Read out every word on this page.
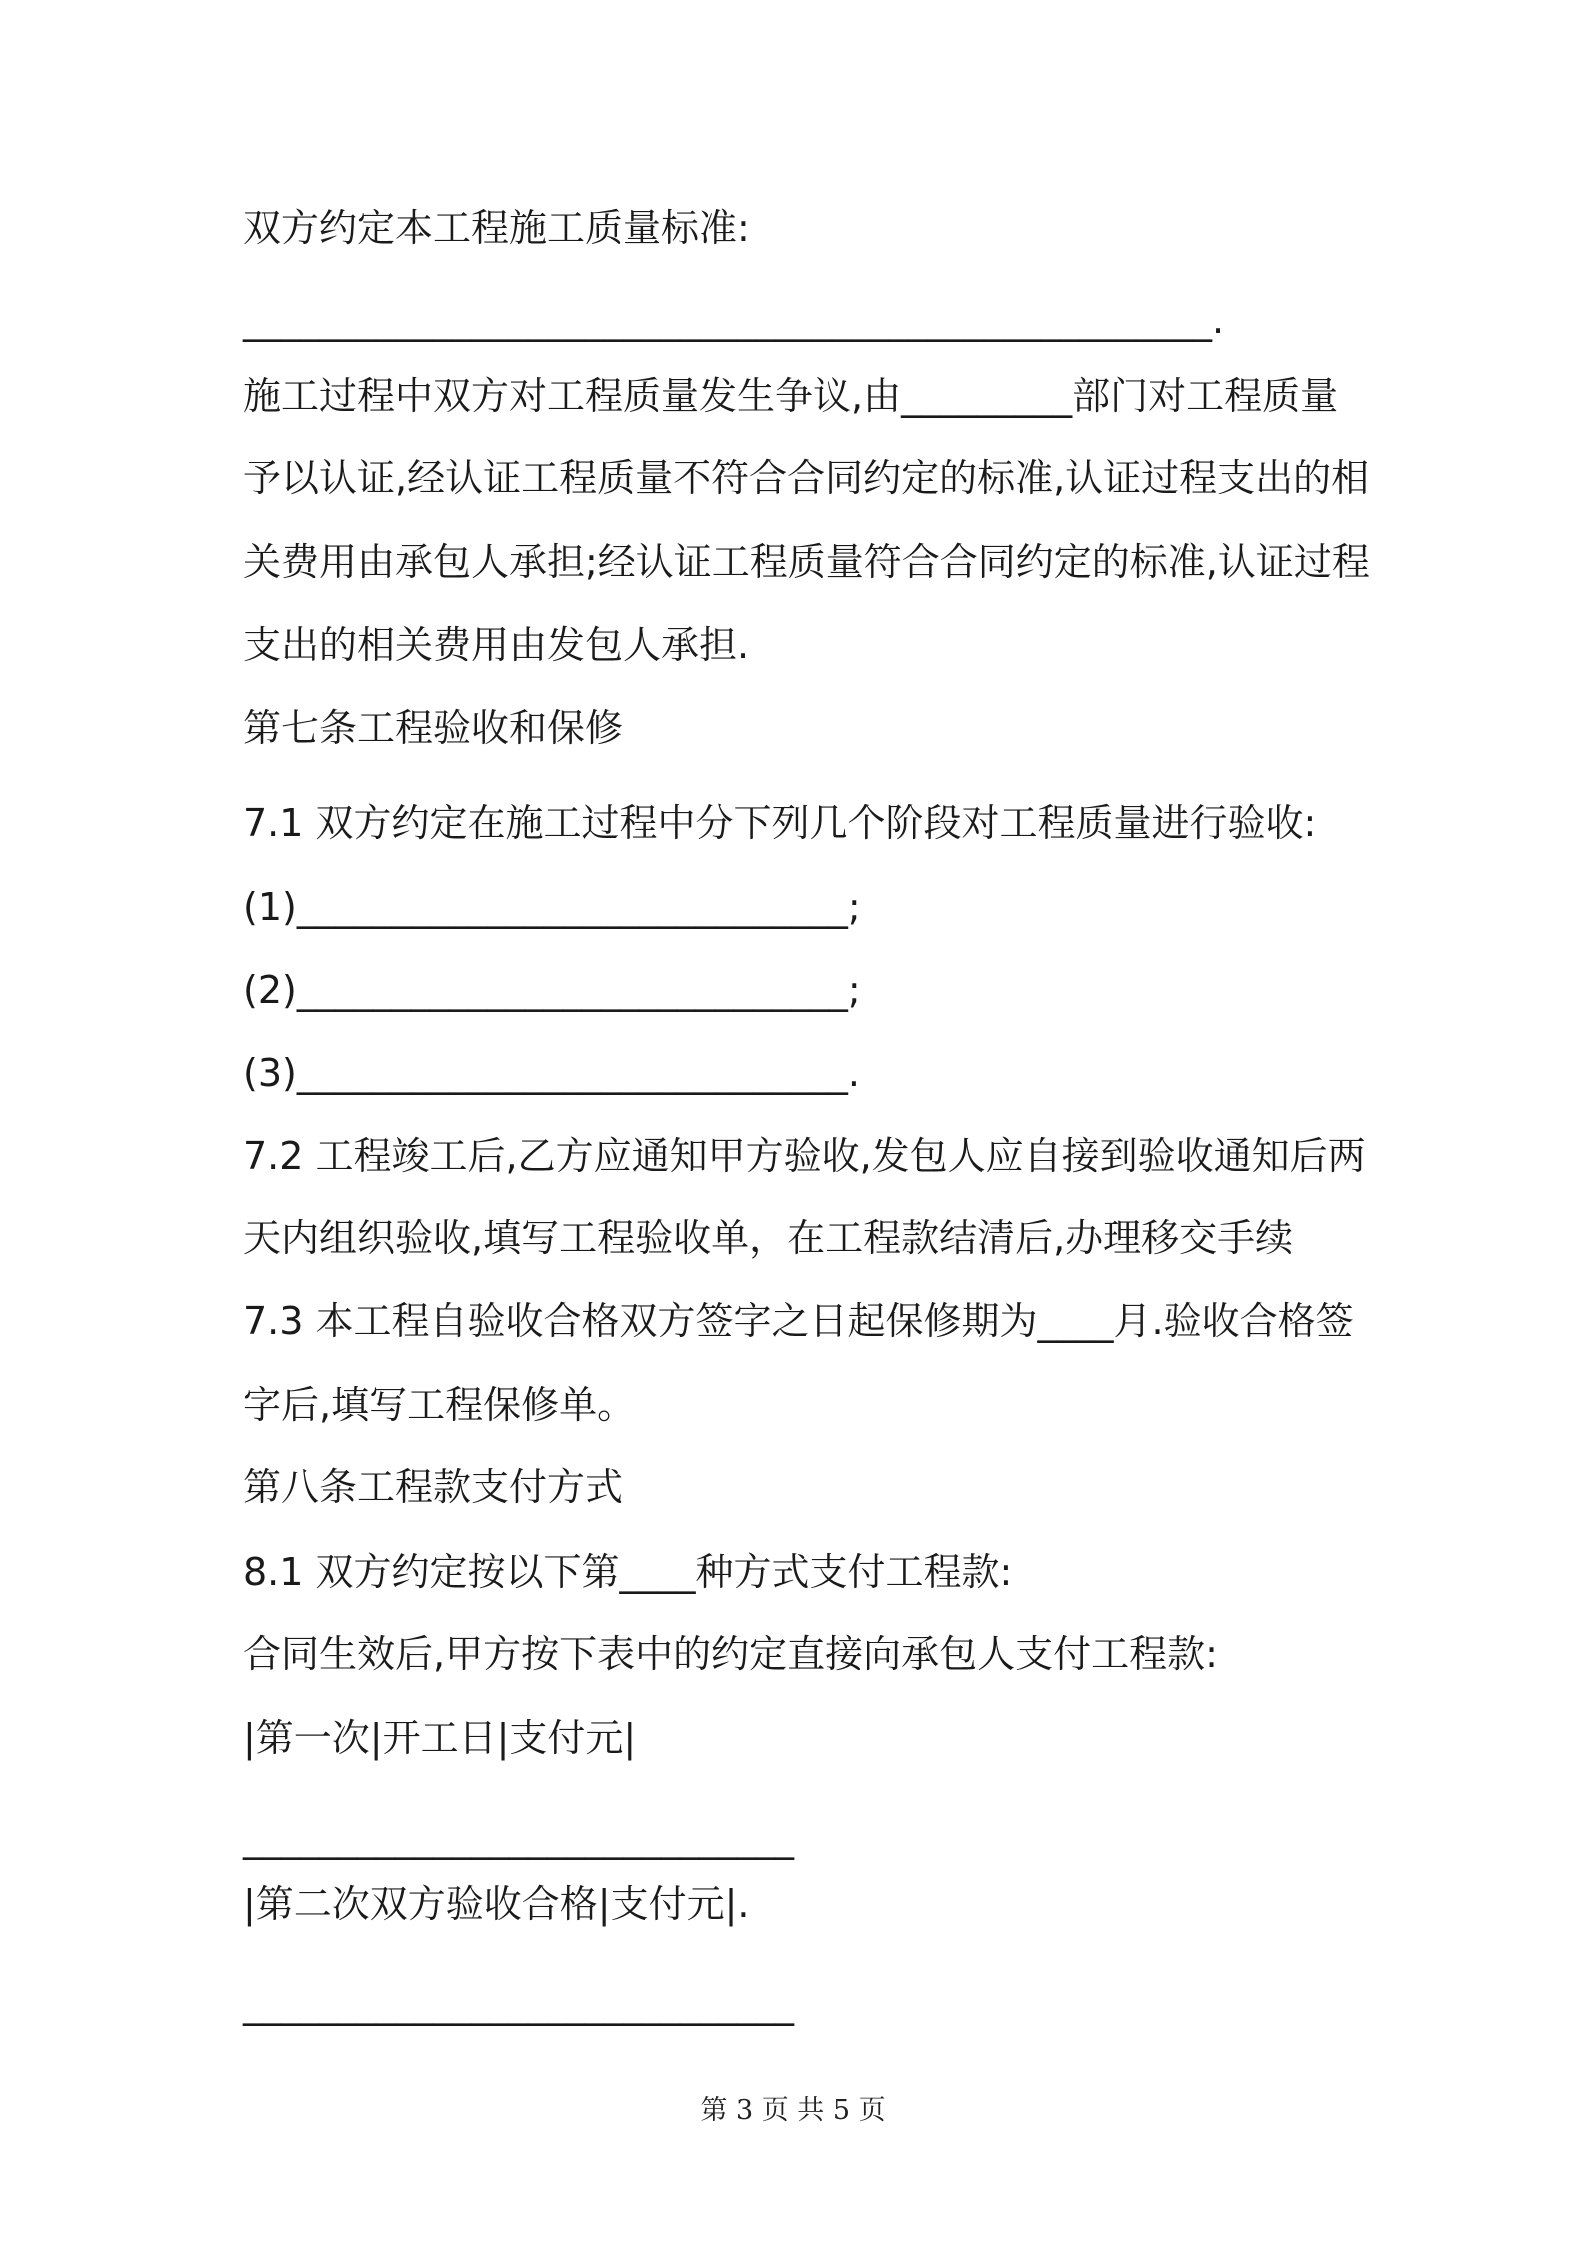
双方约定本工程施工质量标准:
___________________________________________________.
施工过程中双方对工程质量发生争议,由_________部门对工程质量
予以认证,经认证工程质量不符合合同约定的标准,认证过程支出的相
关费用由承包人承担;经认证工程质量符合合同约定的标准,认证过程
支出的相关费用由发包人承担.
第七条工程验收和保修
7.1 双方约定在施工过程中分下列几个阶段对工程质量进行验收:
(1)_____________________________;
(2)_____________________________;
(3)_____________________________.
7.2 工程竣工后,乙方应通知甲方验收,发包人应自接到验收通知后两
天内组织验收,填写工程验收单，在工程款结清后,办理移交手续
7.3 本工程自验收合格双方签字之日起保修期为____月.验收合格签
字后,填写工程保修单。
第八条工程款支付方式
8.1 双方约定按以下第____种方式支付工程款:
合同生效后,甲方按下表中的约定直接向承包人支付工程款:
|第一次|开工日|支付元|
_____________________________
|第二次双方验收合格|支付元|.
_____________________________
第 3 页 共 5 页
